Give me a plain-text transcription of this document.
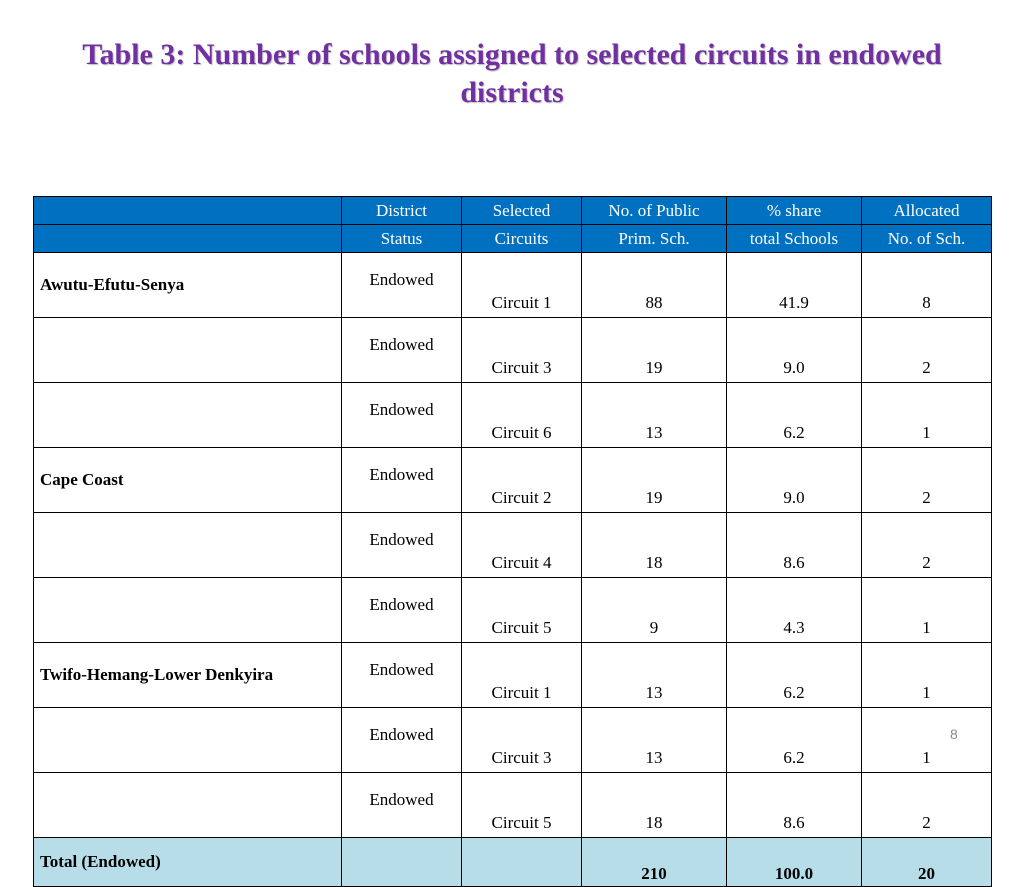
Table 3: Number of schools assigned to selected circuits in endowed districts
	District	Selected	No. of Public	% share	Allocated
	Status	Circuits	Prim. Sch.	total Schools	No. of Sch.
Awutu-Efutu-Senya	Endowed	Circuit 1	88	41.9	8
	Endowed	Circuit 3	19	9.0	2
	Endowed	Circuit 6	13	6.2	1
Cape Coast	Endowed	Circuit 2	19	9.0	2
	Endowed	Circuit 4	18	8.6	2
	Endowed	Circuit 5	9	4.3	1
Twifo-Hemang-Lower Denkyira	Endowed	Circuit 1	13	6.2	1
	Endowed	Circuit 3	13	6.2	1
	Endowed	Circuit 5	18	8.6	2
Total (Endowed)			210	100.0	20
8
